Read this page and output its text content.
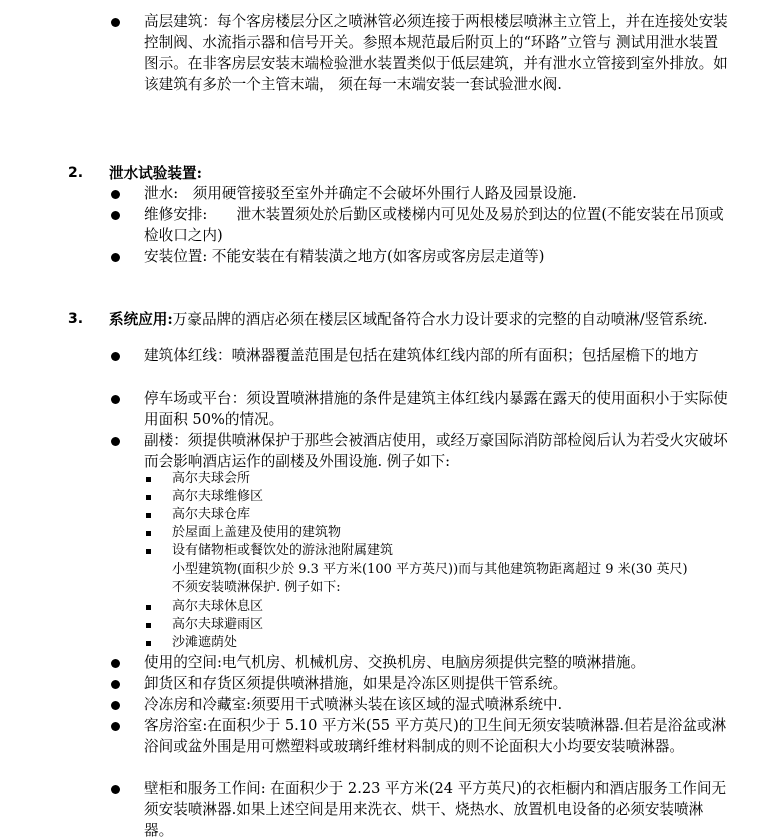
高层建筑：每个客房楼层分区之喷淋管必须连接于两根楼层喷淋主立管上，并在连接处安装控制阀、水流指示器和信号开关。参照本规范最后附页上的“环路”立管与 测试用泄水装置图示。在非客房层安装末端检验泄水装置类似于低层建筑，并有泄水立管接到室外排放。如该建筑有多於一个主管末端， 须在每一末端安装一套试验泄水阀.
2. 泄水试验装置:
泄水:　须用硬管接驳至室外并确定不会破坏外围行人路及园景设施.
维修安排:　　泄木装置须处於后勤区或楼梯内可见处及易於到达的位置(不能安装在吊顶或检收口之内)
安装位置: 不能安装在有精装潢之地方(如客房或客房层走道等)
3. 系统应用:万豪品牌的酒店必须在楼层区域配备符合水力设计要求的完整的自动喷淋/竖管系统.
建筑体红线：喷淋器覆盖范围是包括在建筑体红线内部的所有面积；包括屋檐下的地方
停车场或平台：须设置喷淋措施的条件是建筑主体红线内暴露在露天的使用面积小于实际使用面积 50%的情况。
副楼：须提供喷淋保护于那些会被酒店使用，或经万豪国际消防部检阅后认为若受火灾破坏而会影响酒店运作的副楼及外围设施. 例子如下:
高尔夫球会所
高尔夫球维修区
高尔夫球仓库
於屋面上盖建及使用的建筑物
设有储物柜或餐饮处的游泳池附属建筑
小型建筑物(面积少於 9.3 平方米(100 平方英尺))而与其他建筑物距离超过 9 米(30 英尺)
不须安装喷淋保护. 例子如下:
高尔夫球休息区
高尔夫球避雨区
沙滩遮荫处
使用的空间:电气机房、机械机房、交换机房、电脑房须提供完整的喷淋措施。
卸货区和存货区须提供喷淋措施，如果是冷冻区则提供干管系统。
冷冻房和冷藏室:须要用干式喷淋头装在该区域的湿式喷淋系统中.
客房浴室:在面积少于 5.10 平方米(55 平方英尺)的卫生间无须安装喷淋器.但若是浴盆或淋浴间或盆外围是用可燃塑料或玻璃纤维材料制成的则不论面积大小均要安装喷淋器。
壁柜和服务工作间: 在面积少于 2.23 平方米(24 平方英尺)的衣柜橱内和酒店服务工作间无须安装喷淋器.如果上述空间是用来洗衣、烘干、烧热水、放置机电设备的必须安装喷淋器。
